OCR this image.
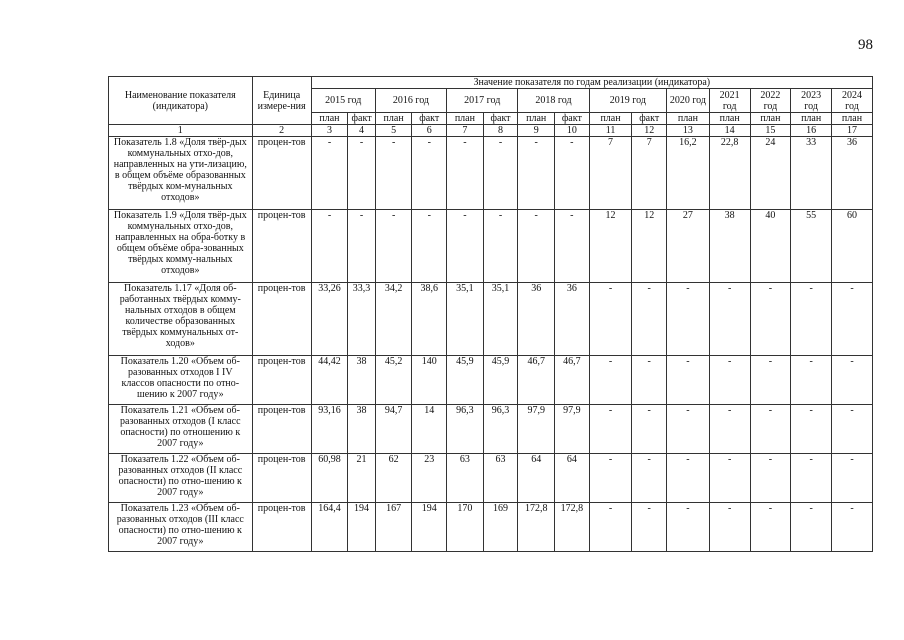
98
Наименование показателя (индикатора)	Единица измере-ния	Значение показателя по годам реализации (индикатора)														
		2015 год		2016 год		2017 год		2018 год		2019 год		2020 год	2021 год	2022 год	2023 год	2024 год
		план	факт	план	факт	план	факт	план	факт	план	факт	план	план	план	план	план
1	2	3	4	5	6	7	8	9	10	11	12	13	14	15	16	17
Показатель 1.8 «Доля твёр-дых коммунальных отхо-дов, направленных на ути-лизацию, в общем объёме образованных твёрдых ком-мунальных отходов»	процен-тов	-	-	-	-	-	-	-	-	7	7	16,2	22,8	24	33	36
Показатель 1.9 «Доля твёр-дых коммунальных отхо-дов, направленных на обра-ботку в общем объёме обра-зованных твёрдых комму-нальных отходов»	процен-тов	-	-	-	-	-	-	-	-	12	12	27	38	40	55	60
Показатель 1.17 «Доля об-работанных твёрдых комму-нальных отходов в общем количестве образованных твёрдых коммунальных от-ходов»	процен-тов	33,26	33,3	34,2	38,6	35,1	35,1	36	36	-	-	-	-	-	-	-
Показатель 1.20 «Объем об-разованных отходов I IV классов опасности по отно-шению к 2007 году»	процен-тов	44,42	38	45,2	140	45,9	45,9	46,7	46,7	-	-	-	-	-	-	-
Показатель 1.21 «Объем об-разованных отходов (I класс опасности) по отношению к 2007 году»	процен-тов	93,16	38	94,7	14	96,3	96,3	97,9	97,9	-	-	-	-	-	-	-
Показатель 1.22 «Объем об-разованных отходов (II класс опасности) по отно-шению к 2007 году»	процен-тов	60,98	21	62	23	63	63	64	64	-	-	-	-	-	-	-
Показатель 1.23 «Объем об-разованных отходов (III класс опасности) по отно-шению к 2007 году»	процен-тов	164,4	194	167	194	170	169	172,8	172,8	-	-	-	-	-	-	-
